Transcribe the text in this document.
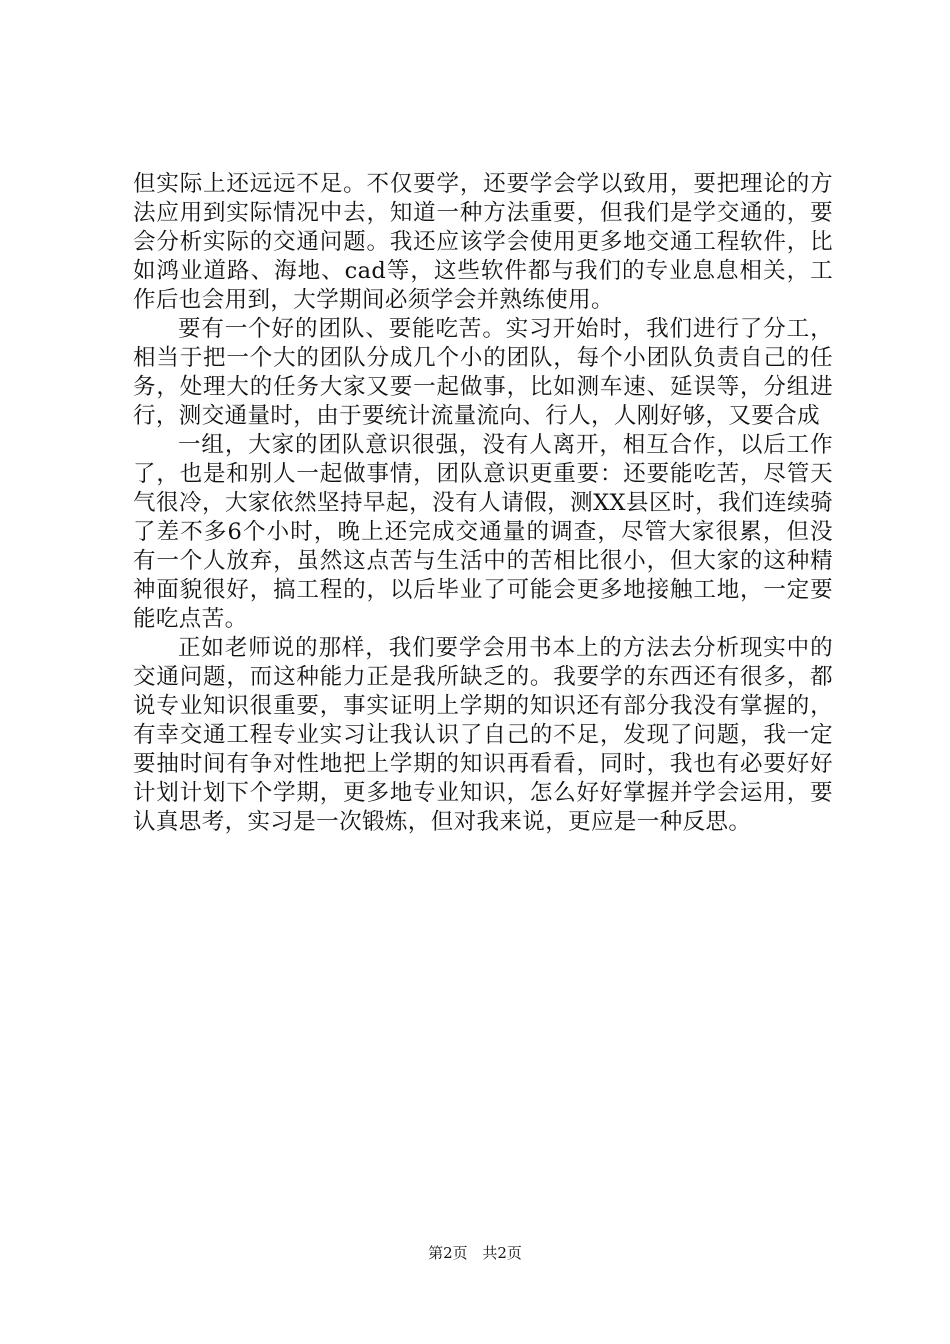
但实际上还远远不足。不仅要学，还要学会学以致用，要把理论的方法应用到实际情况中去，知道一种方法重要，但我们是学交通的，要会分析实际的交通问题。我还应该学会使用更多地交通工程软件，比如鸿业道路、海地、cad等，这些软件都与我们的专业息息相关，工作后也会用到，大学期间必须学会并熟练使用。

要有一个好的团队、要能吃苦。实习开始时，我们进行了分工，相当于把一个大的团队分成几个小的团队，每个小团队负责自己的任务，处理大的任务大家又要一起做事，比如测车速、延误等，分组进行，测交通量时，由于要统计流量流向、行人，人刚好够，又要合成

一组，大家的团队意识很强，没有人离开，相互合作，以后工作了，也是和别人一起做事情，团队意识更重要：还要能吃苦，尽管天气很冷，大家依然坚持早起，没有人请假，测XX县区时，我们连续骑了差不多6个小时，晚上还完成交通量的调查，尽管大家很累，但没有一个人放弃，虽然这点苦与生活中的苦相比很小，但大家的这种精神面貌很好，搞工程的，以后毕业了可能会更多地接触工地，一定要能吃点苦。

正如老师说的那样，我们要学会用书本上的方法去分析现实中的交通问题，而这种能力正是我所缺乏的。我要学的东西还有很多，都说专业知识很重要，事实证明上学期的知识还有部分我没有掌握的，有幸交通工程专业实习让我认识了自己的不足，发现了问题，我一定要抽时间有争对性地把上学期的知识再看看，同时，我也有必要好好计划计划下个学期，更多地专业知识，怎么好好掌握并学会运用，要认真思考，实习是一次锻炼，但对我来说，更应是一种反思。

第2页 共2页
